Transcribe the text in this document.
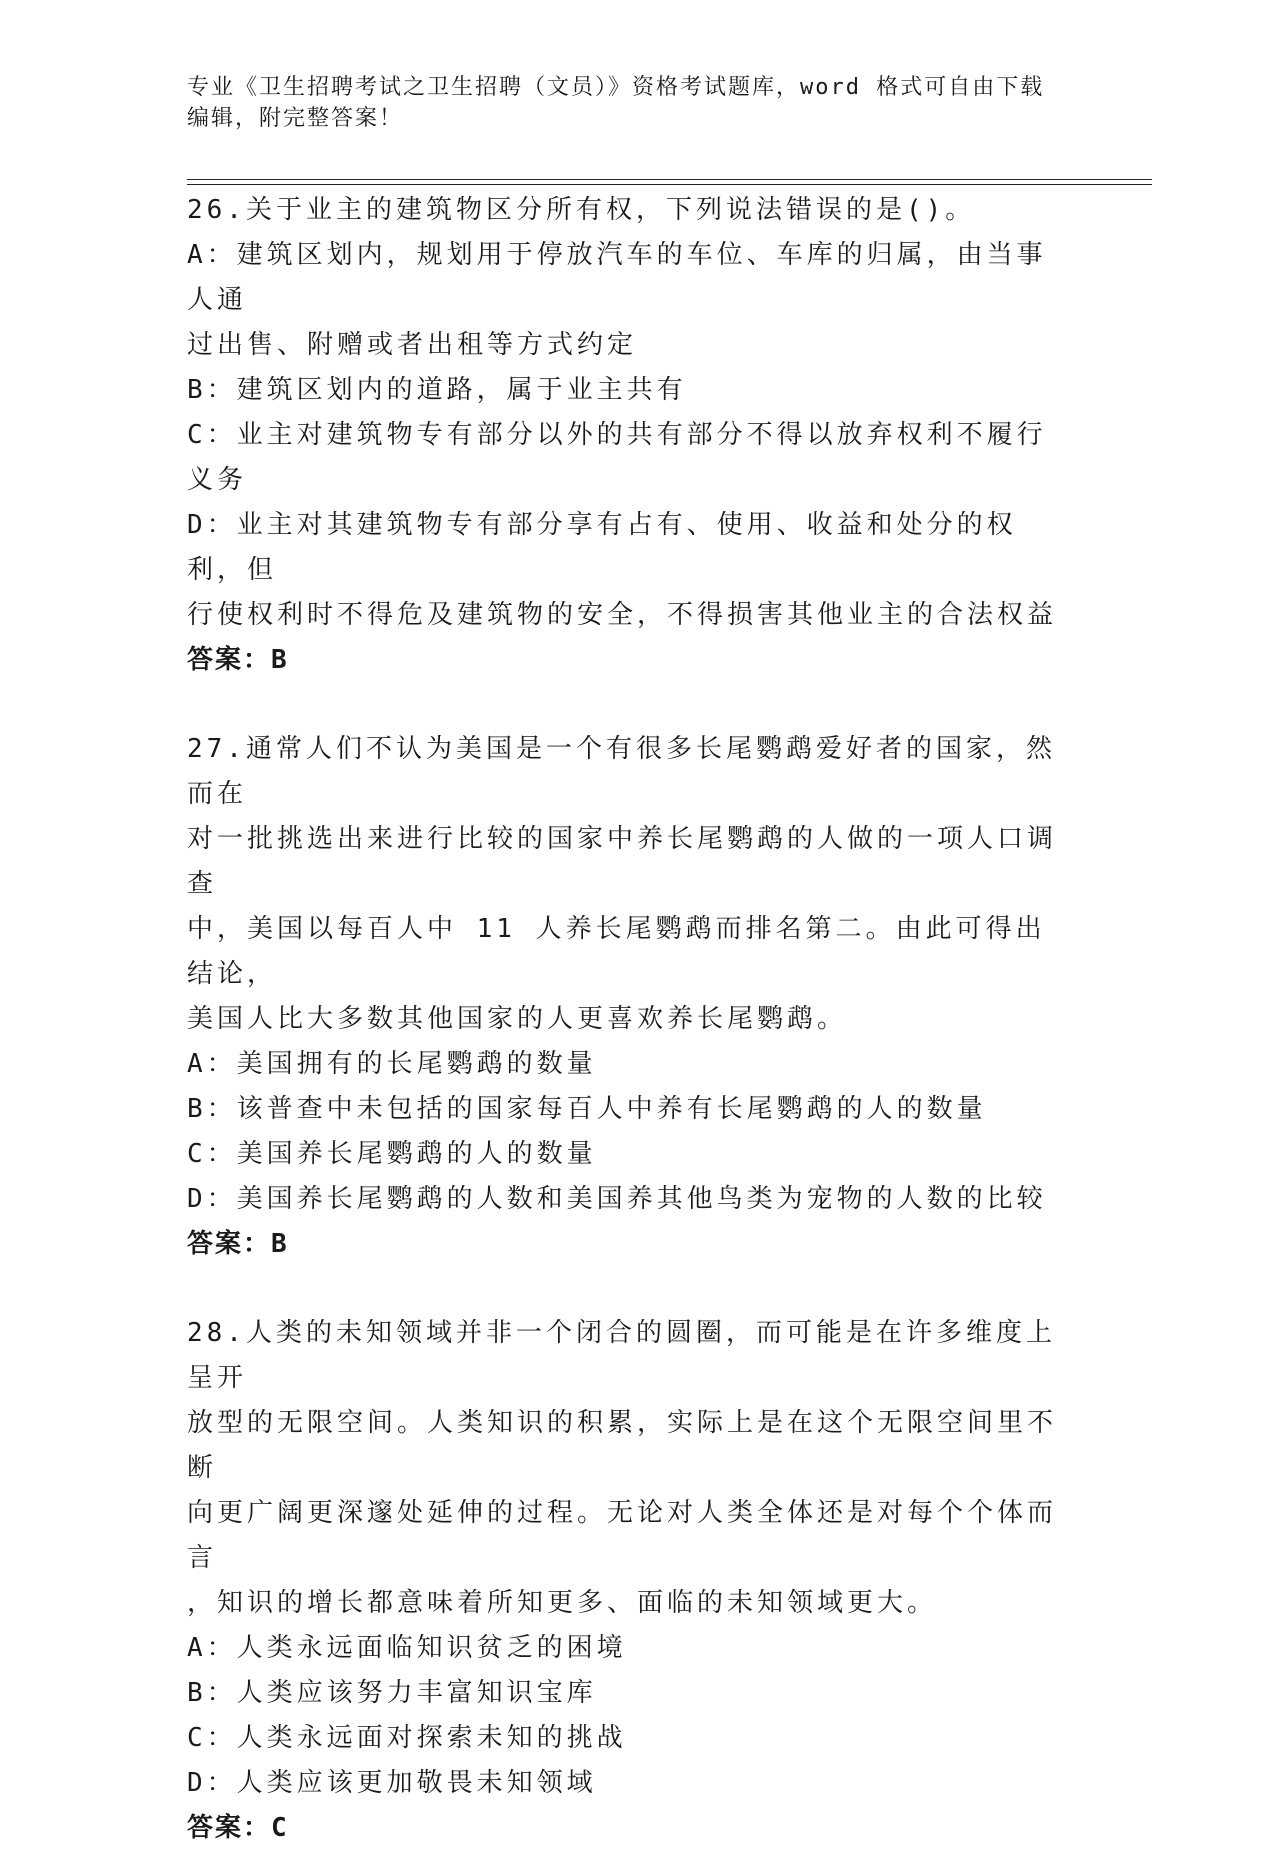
专业《卫生招聘考试之卫生招聘（文员）》资格考试题库，word 格式可自由下载
编辑，附完整答案！

26.关于业主的建筑物区分所有权，下列说法错误的是()。

A：建筑区划内，规划用于停放汽车的车位、车库的归属，由当事人通

过出售、附赠或者出租等方式约定

B：建筑区划内的道路，属于业主共有

C：业主对建筑物专有部分以外的共有部分不得以放弃权利不履行义务

D：业主对其建筑物专有部分享有占有、使用、收益和处分的权利，但

行使权利时不得危及建筑物的安全，不得损害其他业主的合法权益

答案：B

27.通常人们不认为美国是一个有很多长尾鹦鹉爱好者的国家，然而在

对一批挑选出来进行比较的国家中养长尾鹦鹉的人做的一项人口调查

中，美国以每百人中 11 人养长尾鹦鹉而排名第二。由此可得出结论，

美国人比大多数其他国家的人更喜欢养长尾鹦鹉。

A：美国拥有的长尾鹦鹉的数量

B：该普查中未包括的国家每百人中养有长尾鹦鹉的人的数量

C：美国养长尾鹦鹉的人的数量

D：美国养长尾鹦鹉的人数和美国养其他鸟类为宠物的人数的比较

答案：B

28.人类的未知领域并非一个闭合的圆圈，而可能是在许多维度上呈开

放型的无限空间。人类知识的积累，实际上是在这个无限空间里不断

向更广阔更深邃处延伸的过程。无论对人类全体还是对每个个体而言

，知识的增长都意味着所知更多、面临的未知领域更大。

A：人类永远面临知识贫乏的困境

B：人类应该努力丰富知识宝库

C：人类永远面对探索未知的挑战

D：人类应该更加敬畏未知领域

答案：C
